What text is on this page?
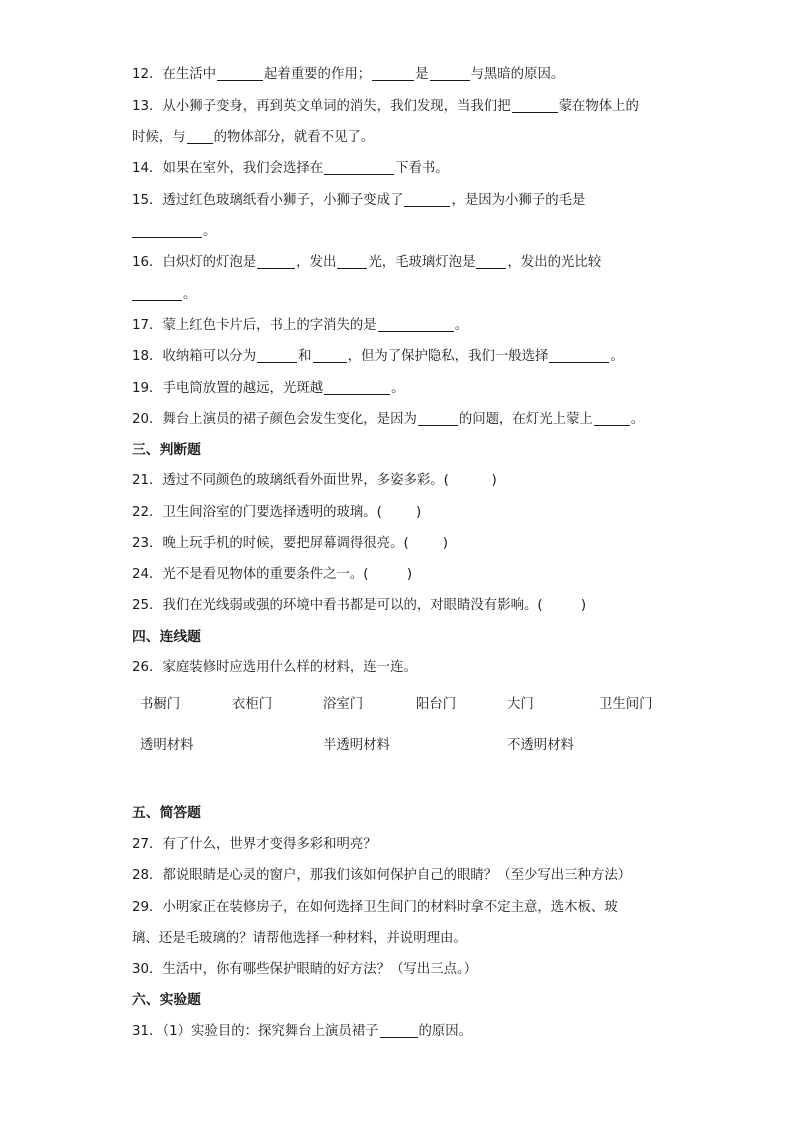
12．在生活中	起着重要的作用；	是	与黑暗的原因。
13．从小狮子变身，再到英文单词的消失，我们发现，当我们把	蒙在物体上的
时候，与 的物体部分，就看不见了。
14．如果在室外，我们会选择在	下看书。
15．透过红色玻璃纸看小狮子，小狮子变成了	，是因为小狮子的毛是
。
16．白炽灯的灯泡是	，发出 光，毛玻璃灯泡是 ，发出的光比较
。
17．蒙上红色卡片后，书上的字消失的是	。
18．收纳箱可以分为	和	，但为了保护隐私，我们一般选择	。
19．手电筒放置的越远，光斑越	。
20．舞台上演员的裙子颜色会发生变化，是因为	的问题，在灯光上蒙上	。
三、判断题
21．透过不同颜色的玻璃纸看外面世界，多姿多彩。(	)
22．卫生间浴室的门要选择透明的玻璃。(	)
23．晚上玩手机的时候，要把屏幕调得很亮。(	)
24．光不是看见物体的重要条件之一。(	)
25．我们在光线弱或强的环境中看书都是可以的，对眼睛没有影响。(	)
四、连线题
26．家庭装修时应选用什么样的材料，连一连。
书橱门	衣柜门	浴室门	阳台门	大门	卫生间门
透明材料	半透明材料	不透明材料
五、简答题
27．有了什么，世界才变得多彩和明亮？
28．都说眼睛是心灵的窗户，那我们该如何保护自己的眼睛？（至少写出三种方法）
29．小明家正在装修房子，在如何选择卫生间门的材料时拿不定主意，选木板、玻
璃、还是毛玻璃的？请帮他选择一种材料，并说明理由。
30．生活中，你有哪些保护眼睛的好方法？（写出三点。）
六、实验题
31．（1）实验目的：探究舞台上演员裙子	的原因。
